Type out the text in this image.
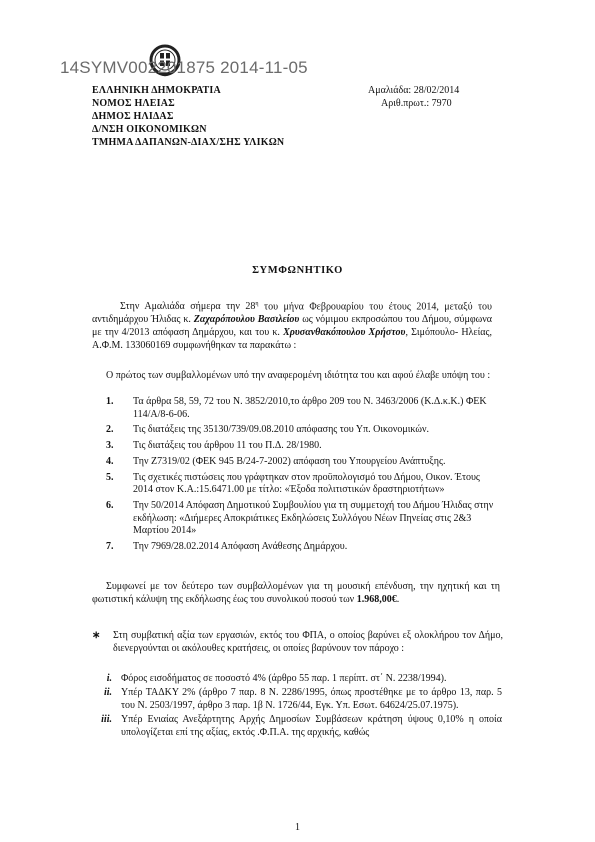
14SYMV002201875 2014-11-05
ΕΛΛΗΝΙΚΗ ΔΗΜΟΚΡΑΤΙΑ
ΝΟΜΟΣ ΗΛΕΙΑΣ
ΔΗΜΟΣ ΗΛΙΔΑΣ
Δ/ΝΣΗ ΟΙΚΟΝΟΜΙΚΩΝ
ΤΜΗΜΑ ΔΑΠΑΝΩΝ-ΔΙΑΧ/ΣΗΣ ΥΛΙΚΩΝ
Αμαλιάδα: 28/02/2014
Αριθ.πρωτ.: 7970
ΣΥΜΦΩΝΗΤΙΚΟ
Στην Αμαλιάδα σήμερα την $28^\eta$ του μήνα Φεβρουαρίου του έτους 2014, μεταξύ του αντιδημάρχου Ήλιδας κ. Ζαχαρόπουλου Βασιλείου ως νόμιμου εκπροσώπου του Δήμου, σύμφωνα με την 4/2013 απόφαση Δημάρχου, και του κ. Χρυσανθακόπουλου Χρήστου, Σιμόπουλο- Ηλείας, Α.Φ.Μ. 133060169 συμφωνήθηκαν τα παρακάτω :
Ο πρώτος των συμβαλλομένων υπό την αναφερομένη ιδιότητα του και αφού έλαβε υπόψη του :
1. Τα άρθρα 58, 59, 72 του Ν. 3852/2010,το άρθρο 209 του Ν. 3463/2006 (Κ.Δ.κ.Κ.) ΦΕΚ 114/Α/8-6-06.
2. Τις διατάξεις της 35130/739/09.08.2010 απόφασης του Υπ. Οικονομικών.
3. Τις διατάξεις του άρθρου 11 του Π.Δ. 28/1980.
4. Την Ζ7319/02 (ΦΕΚ 945 Β/24-7-2002) απόφαση του Υπουργείου Ανάπτυξης.
5. Τις σχετικές πιστώσεις που γράφτηκαν στον προϋπολογισμό του Δήμου, Οικον. Έτους 2014 στον Κ.Α.:15.6471.00 με τίτλο: «Έξοδα πολιτιστικών δραστηριοτήτων»
6. Την 50/2014 Απόφαση Δημοτικού Συμβουλίου για τη συμμετοχή του Δήμου Ήλιδας στην εκδήλωση: «Διήμερες Αποκριάτικες Εκδηλώσεις Συλλόγου Νέων Πηνείας στις 2&3 Μαρτίου 2014»
7. Την 7969/28.02.2014 Απόφαση Ανάθεσης Δημάρχου.
Συμφωνεί με τον δεύτερο των συμβαλλομένων για τη μουσική επένδυση, την ηχητική και τη φωτιστική κάλυψη της εκδήλωσης έως του συνολικού ποσού των 1.968,00€.
∗ Στη συμβατική αξία των εργασιών, εκτός του ΦΠΑ, ο οποίος βαρύνει εξ ολοκλήρου τον Δήμο, διενεργούνται οι ακόλουθες κρατήσεις, οι οποίες βαρύνουν τον πάροχο :
i. Φόρος εισοδήματος σε ποσοστό 4% (άρθρο 55 παρ. 1 περίπτ. στ΄ Ν. 2238/1994).
ii. Υπέρ ΤΑΔΚΥ 2% (άρθρο 7 παρ. 8 Ν. 2286/1995, όπως προστέθηκε με το άρθρο 13, παρ. 5 του Ν. 2503/1997, άρθρο 3 παρ. 1β Ν. 1726/44, Εγκ. Υπ. Εσωτ. 64624/25.07.1975).
iii. Υπέρ Ενιαίας Ανεξάρτητης Αρχής Δημοσίων Συμβάσεων κράτηση ύψους 0,10% η οποία υπολογίζεται επί της αξίας, εκτός .Φ.Π.Α. της αρχικής, καθώς
1
